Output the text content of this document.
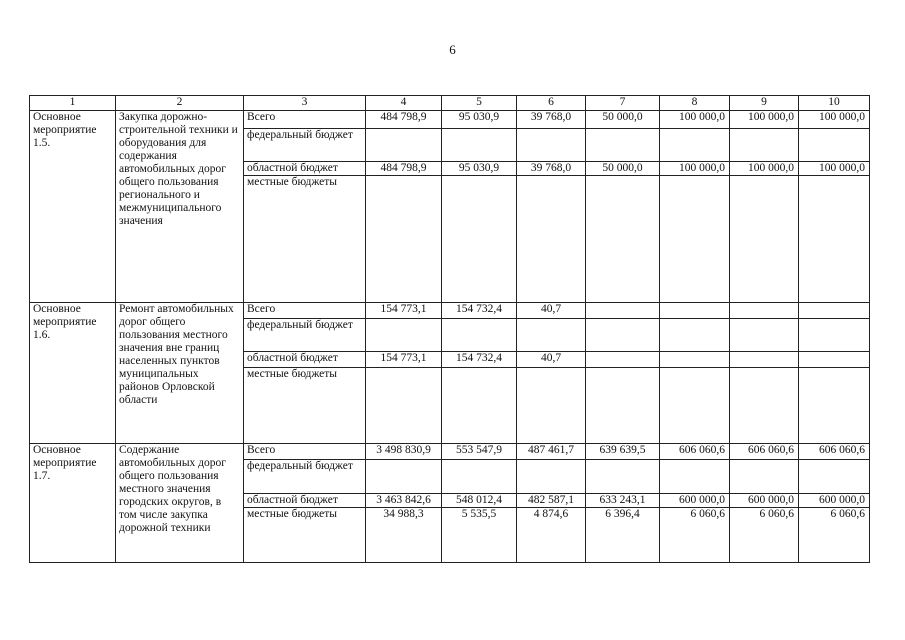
6
1	2	3	4	5	6	7	8	9	10
Основное мероприятие 1.5.	Закупка дорожно-строительной техники и оборудования для содержания автомобильных дорог общего пользования регионального и межмуниципального значения	Всего	484 798,9	95 030,9	39 768,0	50 000,0	100 000,0	100 000,0	100 000,0
		федеральный бюджет							
		областной бюджет	484 798,9	95 030,9	39 768,0	50 000,0	100 000,0	100 000,0	100 000,0
		местные бюджеты							
Основное мероприятие 1.6.	Ремонт автомобильных дорог общего пользования местного значения вне границ населенных пунктов муниципальных районов Орловской области	Всего	154 773,1	154 732,4	40,7				
		федеральный бюджет							
		областной бюджет	154 773,1	154 732,4	40,7				
		местные бюджеты							
Основное мероприятие 1.7.	Содержание автомобильных дорог общего пользования местного значения городских округов, в том числе закупка дорожной техники	Всего	3 498 830,9	553 547,9	487 461,7	639 639,5	606 060,6	606 060,6	606 060,6
		федеральный бюджет							
		областной бюджет	3 463 842,6	548 012,4	482 587,1	633 243,1	600 000,0	600 000,0	600 000,0
		местные бюджеты	34 988,3	5 535,5	4 874,6	6 396,4	6 060,6	6 060,6	6 060,6
